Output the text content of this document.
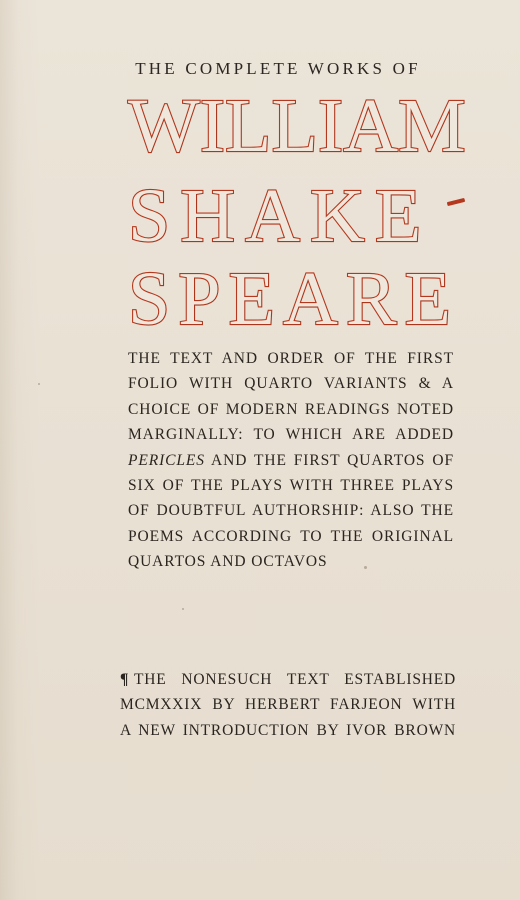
THE COMPLETE WORKS OF
WILLIAM
SHAKE
SPEARE
THE TEXT AND ORDER OF THE FIRST
FOLIO WITH QUARTO VARIANTS & A
CHOICE OF MODERN READINGS NOTED
MARGINALLY: TO WHICH ARE ADDED
PERICLES AND THE FIRST QUARTOS OF
SIX OF THE PLAYS WITH THREE PLAYS
OF DOUBTFUL AUTHORSHIP: ALSO THE
POEMS ACCORDING TO THE ORIGINAL
QUARTOS AND OCTAVOS
¶ THE NONESUCH TEXT ESTABLISHED
MCMXXIX BY HERBERT FARJEON WITH
A NEW INTRODUCTION BY IVOR BROWN
